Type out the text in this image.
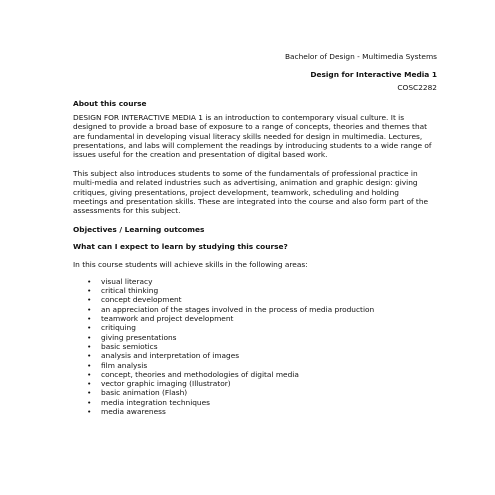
Bachelor of Design - Multimedia Systems
Design for Interactive Media 1
COSC2282
About this course

DESIGN FOR INTERACTIVE MEDIA 1 is an introduction to contemporary visual culture. It is designed to provide a broad base of exposure to a range of concepts, theories and themes that are fundamental in developing visual literacy skills needed for design in multimedia. Lectures, presentations, and labs will complement the readings by introducing students to a wide range of issues useful for the creation and presentation of digital based work.

This subject also introduces students to some of the fundamentals of professional practice in multi-media and related industries such as advertising, animation and graphic design: giving critiques, giving presentations, project development, teamwork, scheduling and holding meetings and presentation skills. These are integrated into the course and also form part of the assessments for this subject.

Objectives / Learning outcomes
What can I expect to learn by studying this course?
In this course students will achieve skills in the following areas:
• visual literacy
• critical thinking
• concept development
• an appreciation of the stages involved in the process of media production
• teamwork and project development
• critiquing
• giving presentations
• basic semiotics
• analysis and interpretation of images
• film analysis
• concept, theories and methodologies of digital media
• vector graphic imaging (Illustrator)
• basic animation (Flash)
• media integration techniques
• media awareness
